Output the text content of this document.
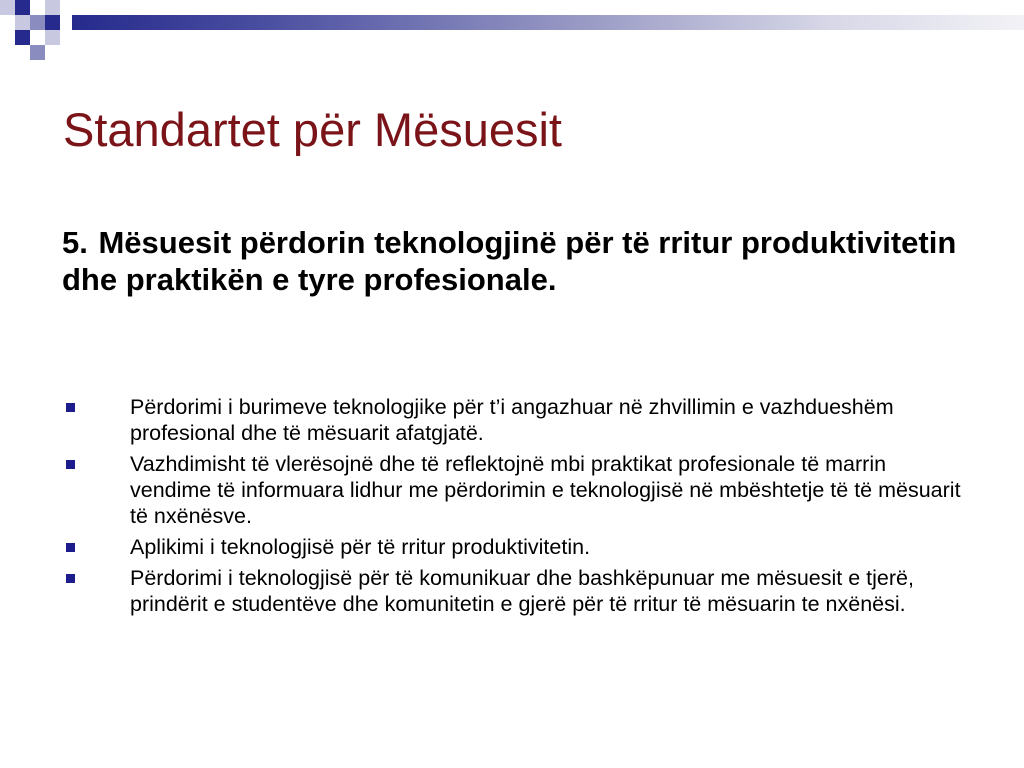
Standartet për Mësuesit

5. Mësuesit përdorin teknologjinë për të rritur produktivitetin dhe praktikën e tyre profesionale.

Përdorimi i burimeve teknologjike për t’i angazhuar në zhvillimin e vazhdueshëm profesional dhe të mësuarit afatgjatë.
Vazhdimisht të vlerësojnë dhe të reflektojnë mbi praktikat profesionale të marrin vendime të informuara lidhur me përdorimin e teknologjisë në mbështetje të të mësuarit të nxënësve.
Aplikimi i teknologjisë për të rritur produktivitetin.
Përdorimi i teknologjisë për të komunikuar dhe bashkëpunuar me mësuesit e tjerë, prindërit e studentëve dhe komunitetin e gjerë për të rritur të mësuarin te nxënësi.
